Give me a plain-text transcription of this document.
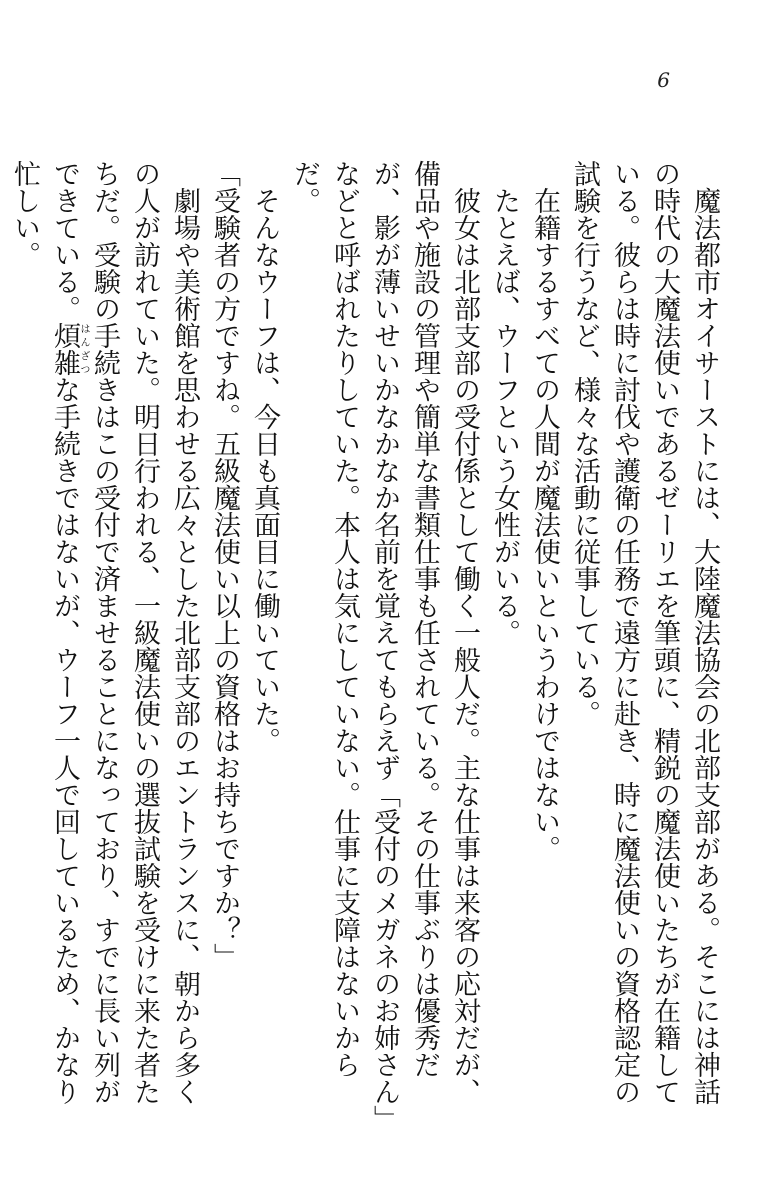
6

魔法都市オイサーストには、大陸魔法協会の北部支部がある。そこには神話の時代の大魔法使いであるゼーリエを筆頭に、精鋭の魔法使いたちが在籍している。彼らは時に討伐や護衛の任務で遠方に赴き、時に魔法使いの資格認定の試験を行うなど、様々な活動に従事している。

在籍するすべての人間が魔法使いというわけではない。

たとえば、ウーフという女性がいる。

彼女は北部支部の受付係として働く一般人だ。主な仕事は来客の応対だが、備品や施設の管理や簡単な書類仕事も任されている。その仕事ぶりは優秀だが、影が薄いせいかなかなか名前を覚えてもらえず「受付のメガネのお姉さん」などと呼ばれたりしていた。本人は気にしていない。仕事に支障はないからだ。

そんなウーフは、今日も真面目に働いていた。

「受験者の方ですね。五級魔法使い以上の資格はお持ちですか？」

劇場や美術館を思わせる広々とした北部支部のエントランスに、朝から多くの人が訪れていた。明日行われる、一級魔法使いの選抜試験を受けに来た者たちだ。受験の手続きはこの受付で済ませることになっており、すでに長い列ができている。煩雑はんざつな手続きではないが、ウーフ一人で回しているため、かなり忙しい。
